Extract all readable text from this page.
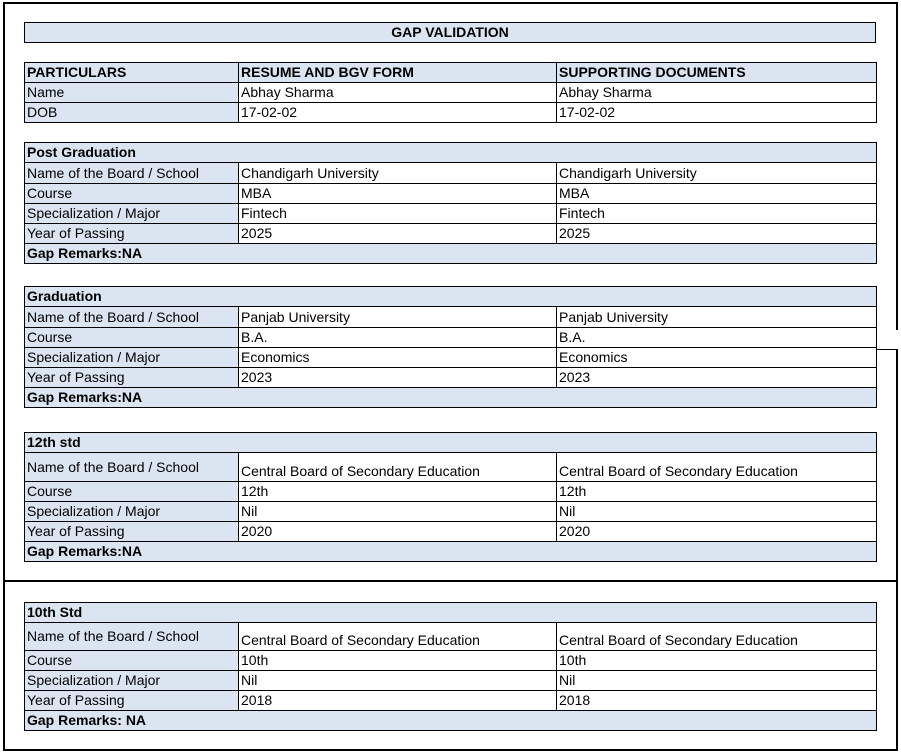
GAP VALIDATION
PARTICULARS	RESUME AND BGV FORM	SUPPORTING DOCUMENTS
Name	Abhay Sharma	Abhay Sharma
DOB	17-02-02	17-02-02
Post Graduation		
Name of the Board / School	Chandigarh University	Chandigarh University
Course	MBA	MBA
Specialization / Major	Fintech	Fintech
Year of Passing	2025	2025
Gap Remarks:NA		
Graduation		
Name of the Board / School	Panjab University	Panjab University
Course	B.A.	B.A.
Specialization / Major	Economics	Economics
Year of Passing	2023	2023
Gap Remarks:NA		
12th std		
Name of the Board / School	Central Board of Secondary Education	Central Board of Secondary Education
Course	12th	12th
Specialization / Major	Nil	Nil
Year of Passing	2020	2020
Gap Remarks:NA		
10th Std		
Name of the Board / School	Central Board of Secondary Education	Central Board of Secondary Education
Course	10th	10th
Specialization / Major	Nil	Nil
Year of Passing	2018	2018
Gap Remarks: NA		
